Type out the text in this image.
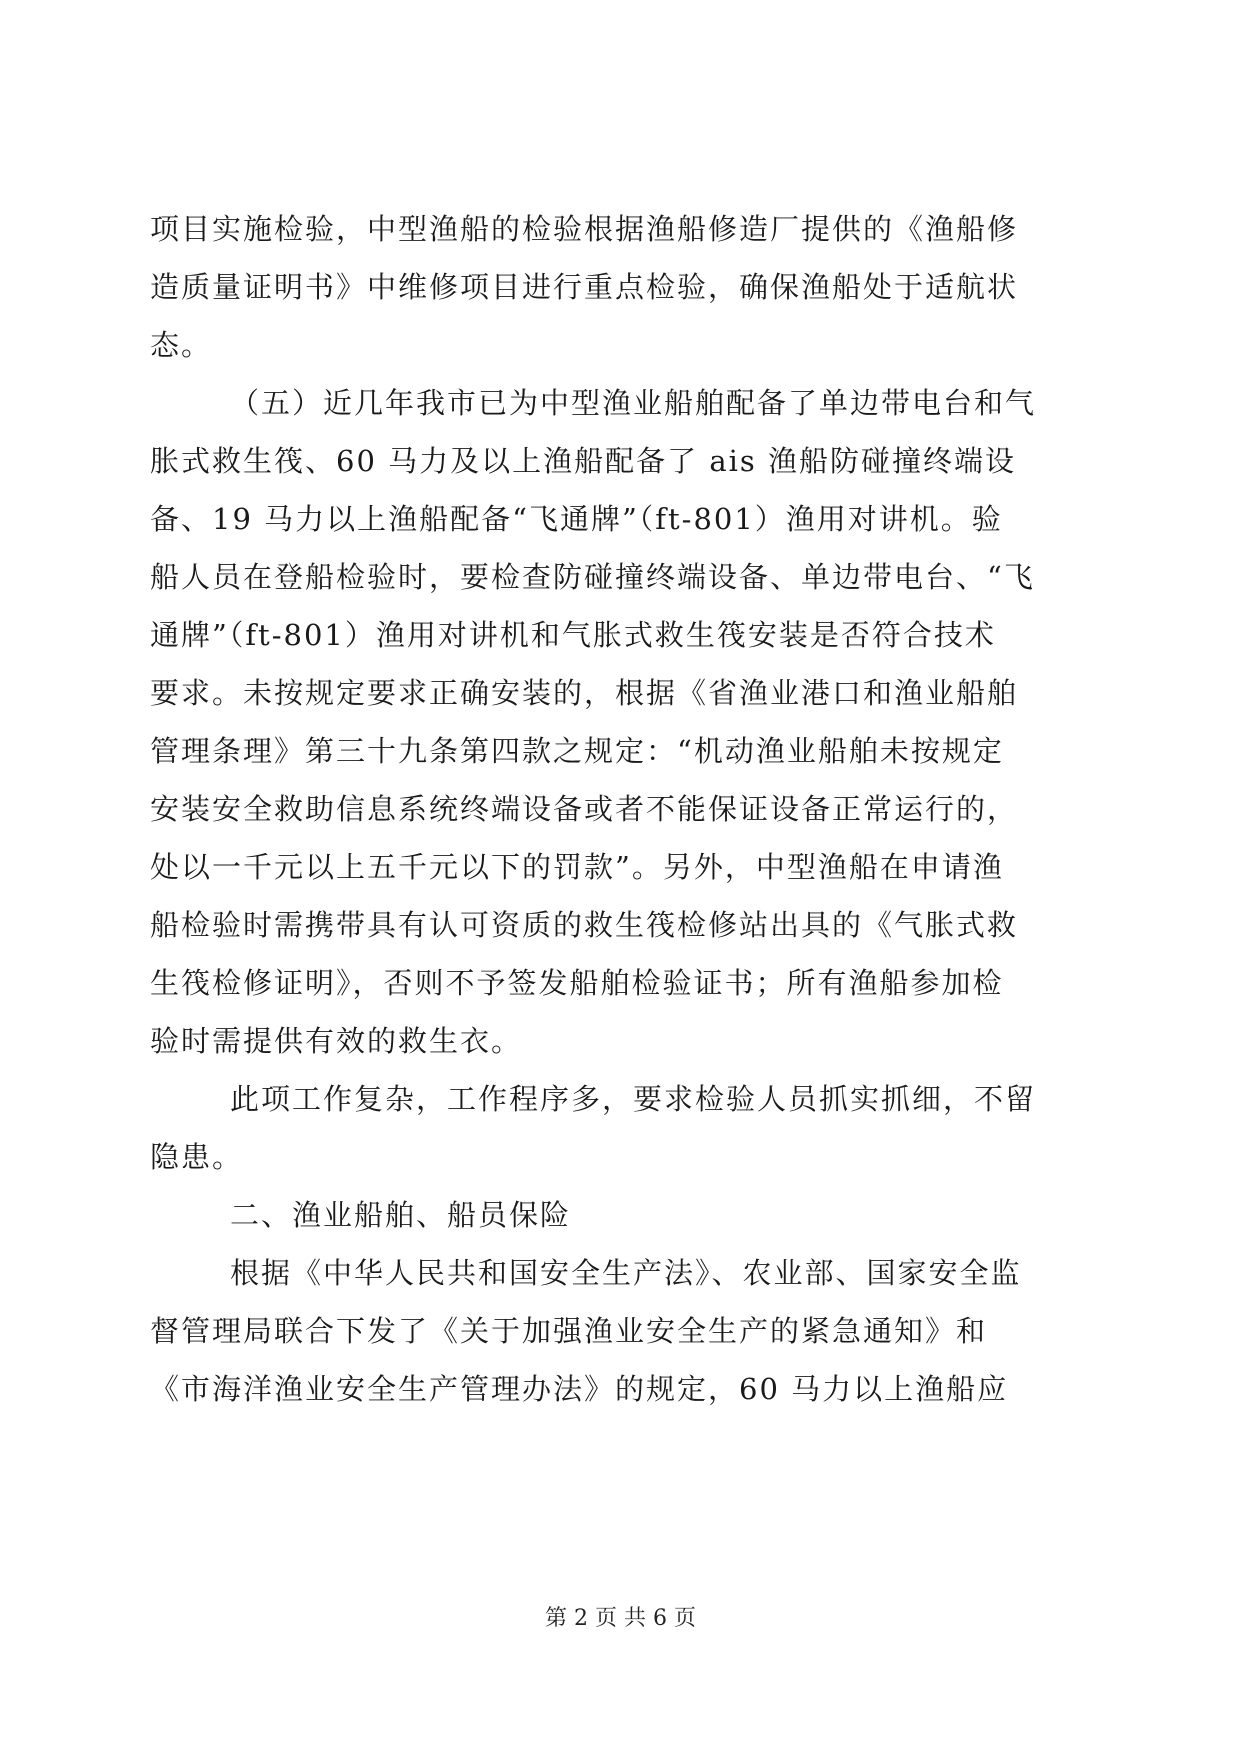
项目实施检验，中型渔船的检验根据渔船修造厂提供的《渔船修
造质量证明书》中维修项目进行重点检验，确保渔船处于适航状
态。
（五）近几年我市已为中型渔业船舶配备了单边带电台和气
胀式救生筏、60 马力及以上渔船配备了 ais 渔船防碰撞终端设
备、19 马力以上渔船配备“飞通牌”（ft-801）渔用对讲机。验
船人员在登船检验时，要检查防碰撞终端设备、单边带电台、“飞
通牌”（ft-801）渔用对讲机和气胀式救生筏安装是否符合技术
要求。未按规定要求正确安装的，根据《省渔业港口和渔业船舶
管理条理》第三十九条第四款之规定：“机动渔业船舶未按规定
安装安全救助信息系统终端设备或者不能保证设备正常运行的，
处以一千元以上五千元以下的罚款”。另外，中型渔船在申请渔
船检验时需携带具有认可资质的救生筏检修站出具的《气胀式救
生筏检修证明》，否则不予签发船舶检验证书；所有渔船参加检
验时需提供有效的救生衣。
此项工作复杂，工作程序多，要求检验人员抓实抓细，不留
隐患。
二、渔业船舶、船员保险
根据《中华人民共和国安全生产法》、农业部、国家安全监
督管理局联合下发了《关于加强渔业安全生产的紧急通知》和
《市海洋渔业安全生产管理办法》的规定，60 马力以上渔船应
第 2 页 共 6 页
